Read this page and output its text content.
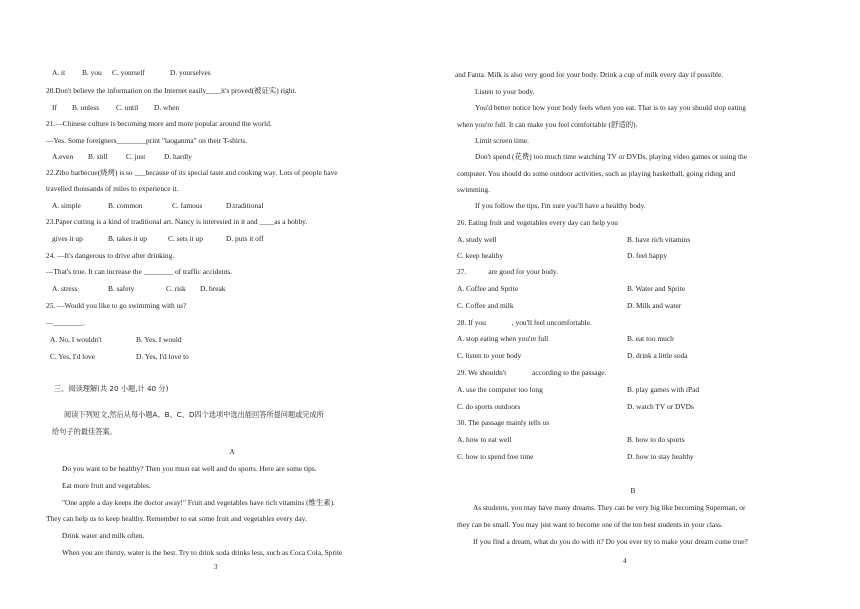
A. it B. you C. yourself	D. yourselves
20.Don't believe the information on the Internet easily____it's proved(被证实) right.
If B. unless C. until D. when
21.—Chinese culture is becoming more and more popular around the world.
—Yes. Some foreigners________print "laoganma" on their T-shirts.
A.even B. still C. just	D. hardly
22.Zibo barbecue(烧烤) is so ___because of its special taste and cooking way. Lots of people have
travelled thousands of miles to experience it.
A. simple	B. common	C. famous	D.traditional
23.Paper cutting is a kind of traditional art. Nancy is interested in it and ____as a hobby.
gives it up	B. takes it up	C. sets it up	D. puts it off
24. —It's dangerous to drive after drinking.
—That's true. It can increase the ________ of traffic accidents.
A. stress	B. safety	C. risk D. break
25. —Would you like to go swimming with us?
—________.
A. No, I wouldn't	B. Yes, I would
C. Yes, I'd love	D. Yes, I'd love to
三、阅读理解(共 20 小题,计 40 分)
阅读下列短文,然后从每小题A、B、C、D四个选项中选出能回答所提问题或完成所
给句子的最佳答案。
A
Do you want to be healthy? Then you must eat well and do sports. Here are some tips.
Eat more fruit and vegetables.
"One apple a day keeps the doctor away!" Fruit and vegetables have rich vitamins (维生素).
They can help us to keep healthy. Remember to eat some fruit and vegetables every day.
Drink water and milk often.
When you are thirsty, water is the best. Try to drink soda drinks less, such as Coca Cola, Sprite
3
and Fanta. Milk is also very good for your body. Drink a cup of milk every day if possible.
Listen to your body.
You'd better notice how your body feels when you eat. That is to say you should stop eating
when you're full. It can make you feel comfortable (舒适的).
Limit screen time.
Don't spend (花费) too much time watching TV or DVDs, playing video games or using the
computer. You should do some outdoor activities, such as playing basketball, going riding and
swimming.
If you follow the tips, I'm sure you'll have a healthy body.
26. Eating fruit and vegetables every day can help you
A. study well	B. have rich vitamins
C. keep healthy	D. feel happy
27.            are good for your body.
A. Coffee and Sprite	B. Water and Sprite
C. Coffee and milk	D. Milk and water
28. If you              , you'll feel uncomfortable.
A. stop eating when you're full	B. eat too much
C. listen to your body	D. drink a little soda
29. We shouldn't              according to the passage.
A. use the computer too long	B. play games with iPad
C. do sports outdoors	D. watch TV or DVDs
30. The passage mainly tells us
A. how to eat well	B. how to do sports
C. how to spend free time	D. how to stay healthy
B
As students, you may have many dreams. They can be very big like becoming Superman, or
they can be small. You may just want to become one of the ten best students in your class.
If you find a dream, what do you do with it? Do you ever try to make your dream come true?
4
